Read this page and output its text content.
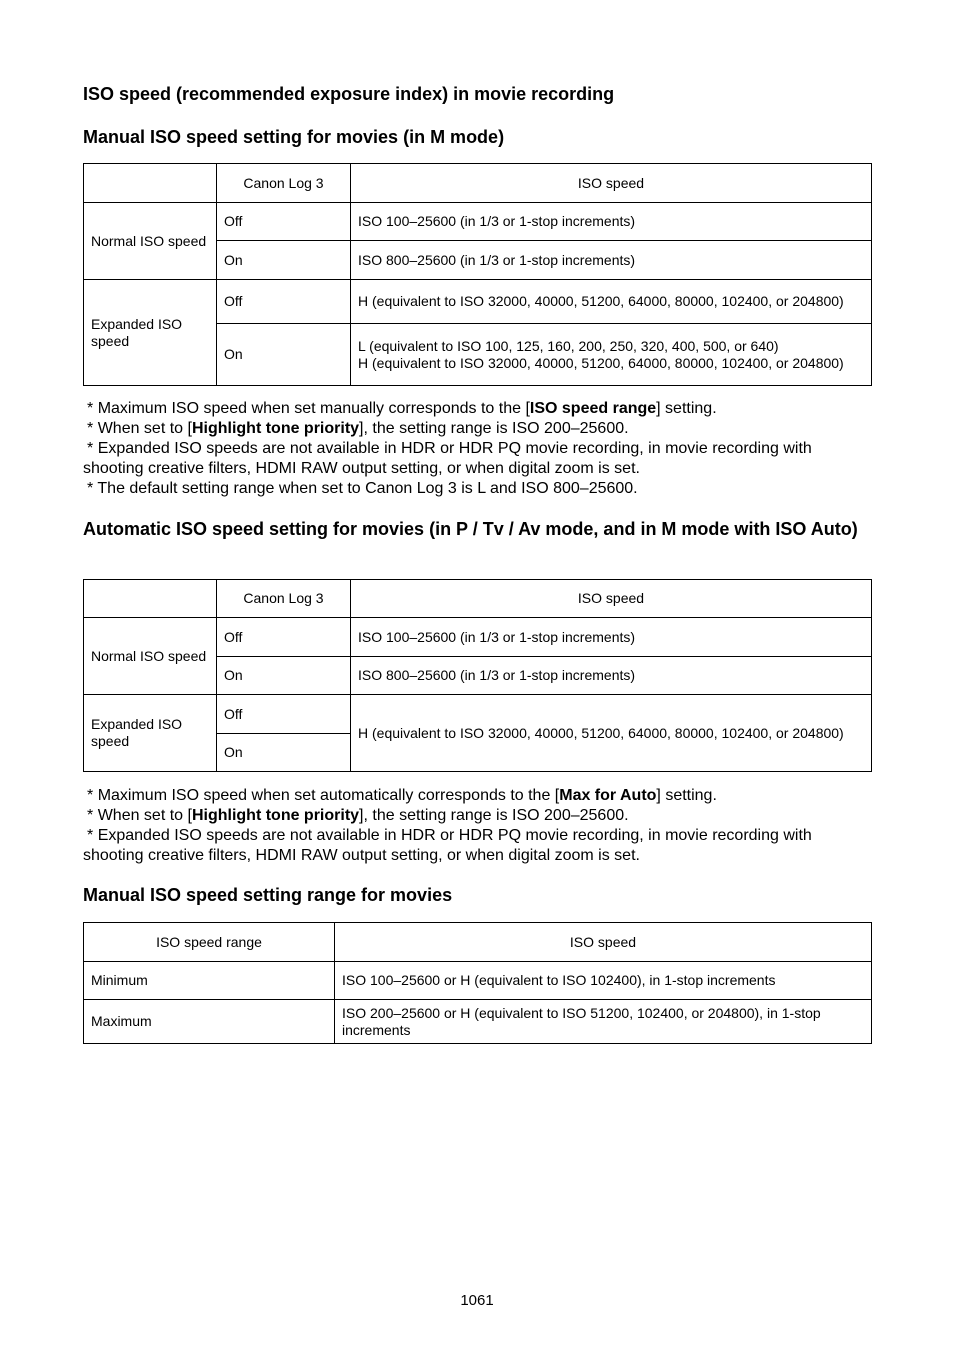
ISO speed (recommended exposure index) in movie recording
Manual ISO speed setting for movies (in M mode)
	Canon Log 3	ISO speed
Normal ISO speed	Off	ISO 100–25600 (in 1/3 or 1-stop increments)
	On	ISO 800–25600 (in 1/3 or 1-stop increments)
Expanded ISO speed	Off	H (equivalent to ISO 32000, 40000, 51200, 64000, 80000, 102400, or 204800)
	On	L (equivalent to ISO 100, 125, 160, 200, 250, 320, 400, 500, or 640)
H (equivalent to ISO 32000, 40000, 51200, 64000, 80000, 102400, or 204800)

* Maximum ISO speed when set manually corresponds to the [ISO speed range] setting.

* When set to [Highlight tone priority], the setting range is ISO 200–25600.

* Expanded ISO speeds are not available in HDR or HDR PQ movie recording, in movie recording with shooting creative filters, HDMI RAW output setting, or when digital zoom is set.

* The default setting range when set to Canon Log 3 is L and ISO 800–25600.

Automatic ISO speed setting for movies (in P / Tv / Av mode, and in M mode with ISO Auto)
	Canon Log 3	ISO speed
Normal ISO speed	Off	ISO 100–25600 (in 1/3 or 1-stop increments)
	On	ISO 800–25600 (in 1/3 or 1-stop increments)
Expanded ISO speed	Off	H (equivalent to ISO 32000, 40000, 51200, 64000, 80000, 102400, or 204800)
	On	

* Maximum ISO speed when set automatically corresponds to the [Max for Auto] setting.

* When set to [Highlight tone priority], the setting range is ISO 200–25600.

* Expanded ISO speeds are not available in HDR or HDR PQ movie recording, in movie recording with shooting creative filters, HDMI RAW output setting, or when digital zoom is set.

Manual ISO speed setting range for movies
ISO speed range	ISO speed
Minimum	ISO 100–25600 or H (equivalent to ISO 102400), in 1-stop increments
Maximum	ISO 200–25600 or H (equivalent to ISO 51200, 102400, or 204800), in 1-stop increments
1061
